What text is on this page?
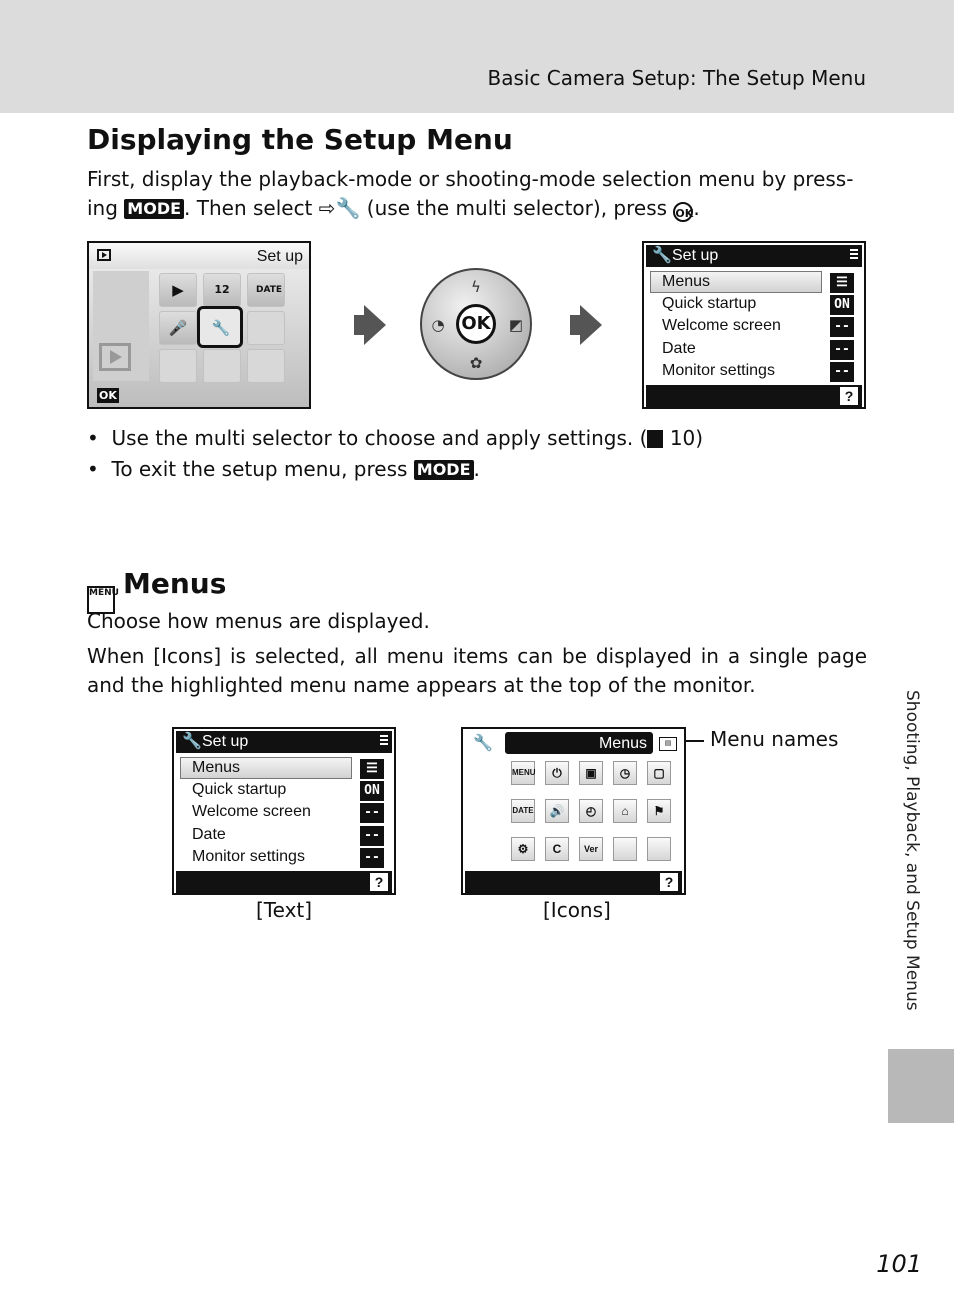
Basic Camera Setup: The Setup Menu
Displaying the Setup Menu
First, display the playback-mode or shooting-mode selection menu by press-
ing MODE . Then select ⇨🔧 (use the multi selector), press OK.
Set up
OK
▶	12	DATE
🎤 🔧
ϟ
◔	◩
✿
OK
🔧Set up
Menus
Quick startup
Welcome screen
Date
Monitor settings
☰
ON
--
--
--
?
•  Use the multi selector to choose and apply settings. ( 10)
•  To exit the setup menu, press MODE .
MENU Menus
Choose how menus are displayed.
When [Icons] is selected, all menu items can be displayed in a single page and the highlighted menu name appears at the top of the monitor.
🔧Set up
Menus
Quick startup
Welcome screen
Date
Monitor settings
☰
ON
--
--
--
?
🔧	Menus	▤
MENU	⏻	▣	◷	▢
DATE	🔊	◴	⌂	⚑
⚙	C	Ver
?
Menu names
[Text]	[Icons]	Shooting, Playback, and Setup Menus
101
